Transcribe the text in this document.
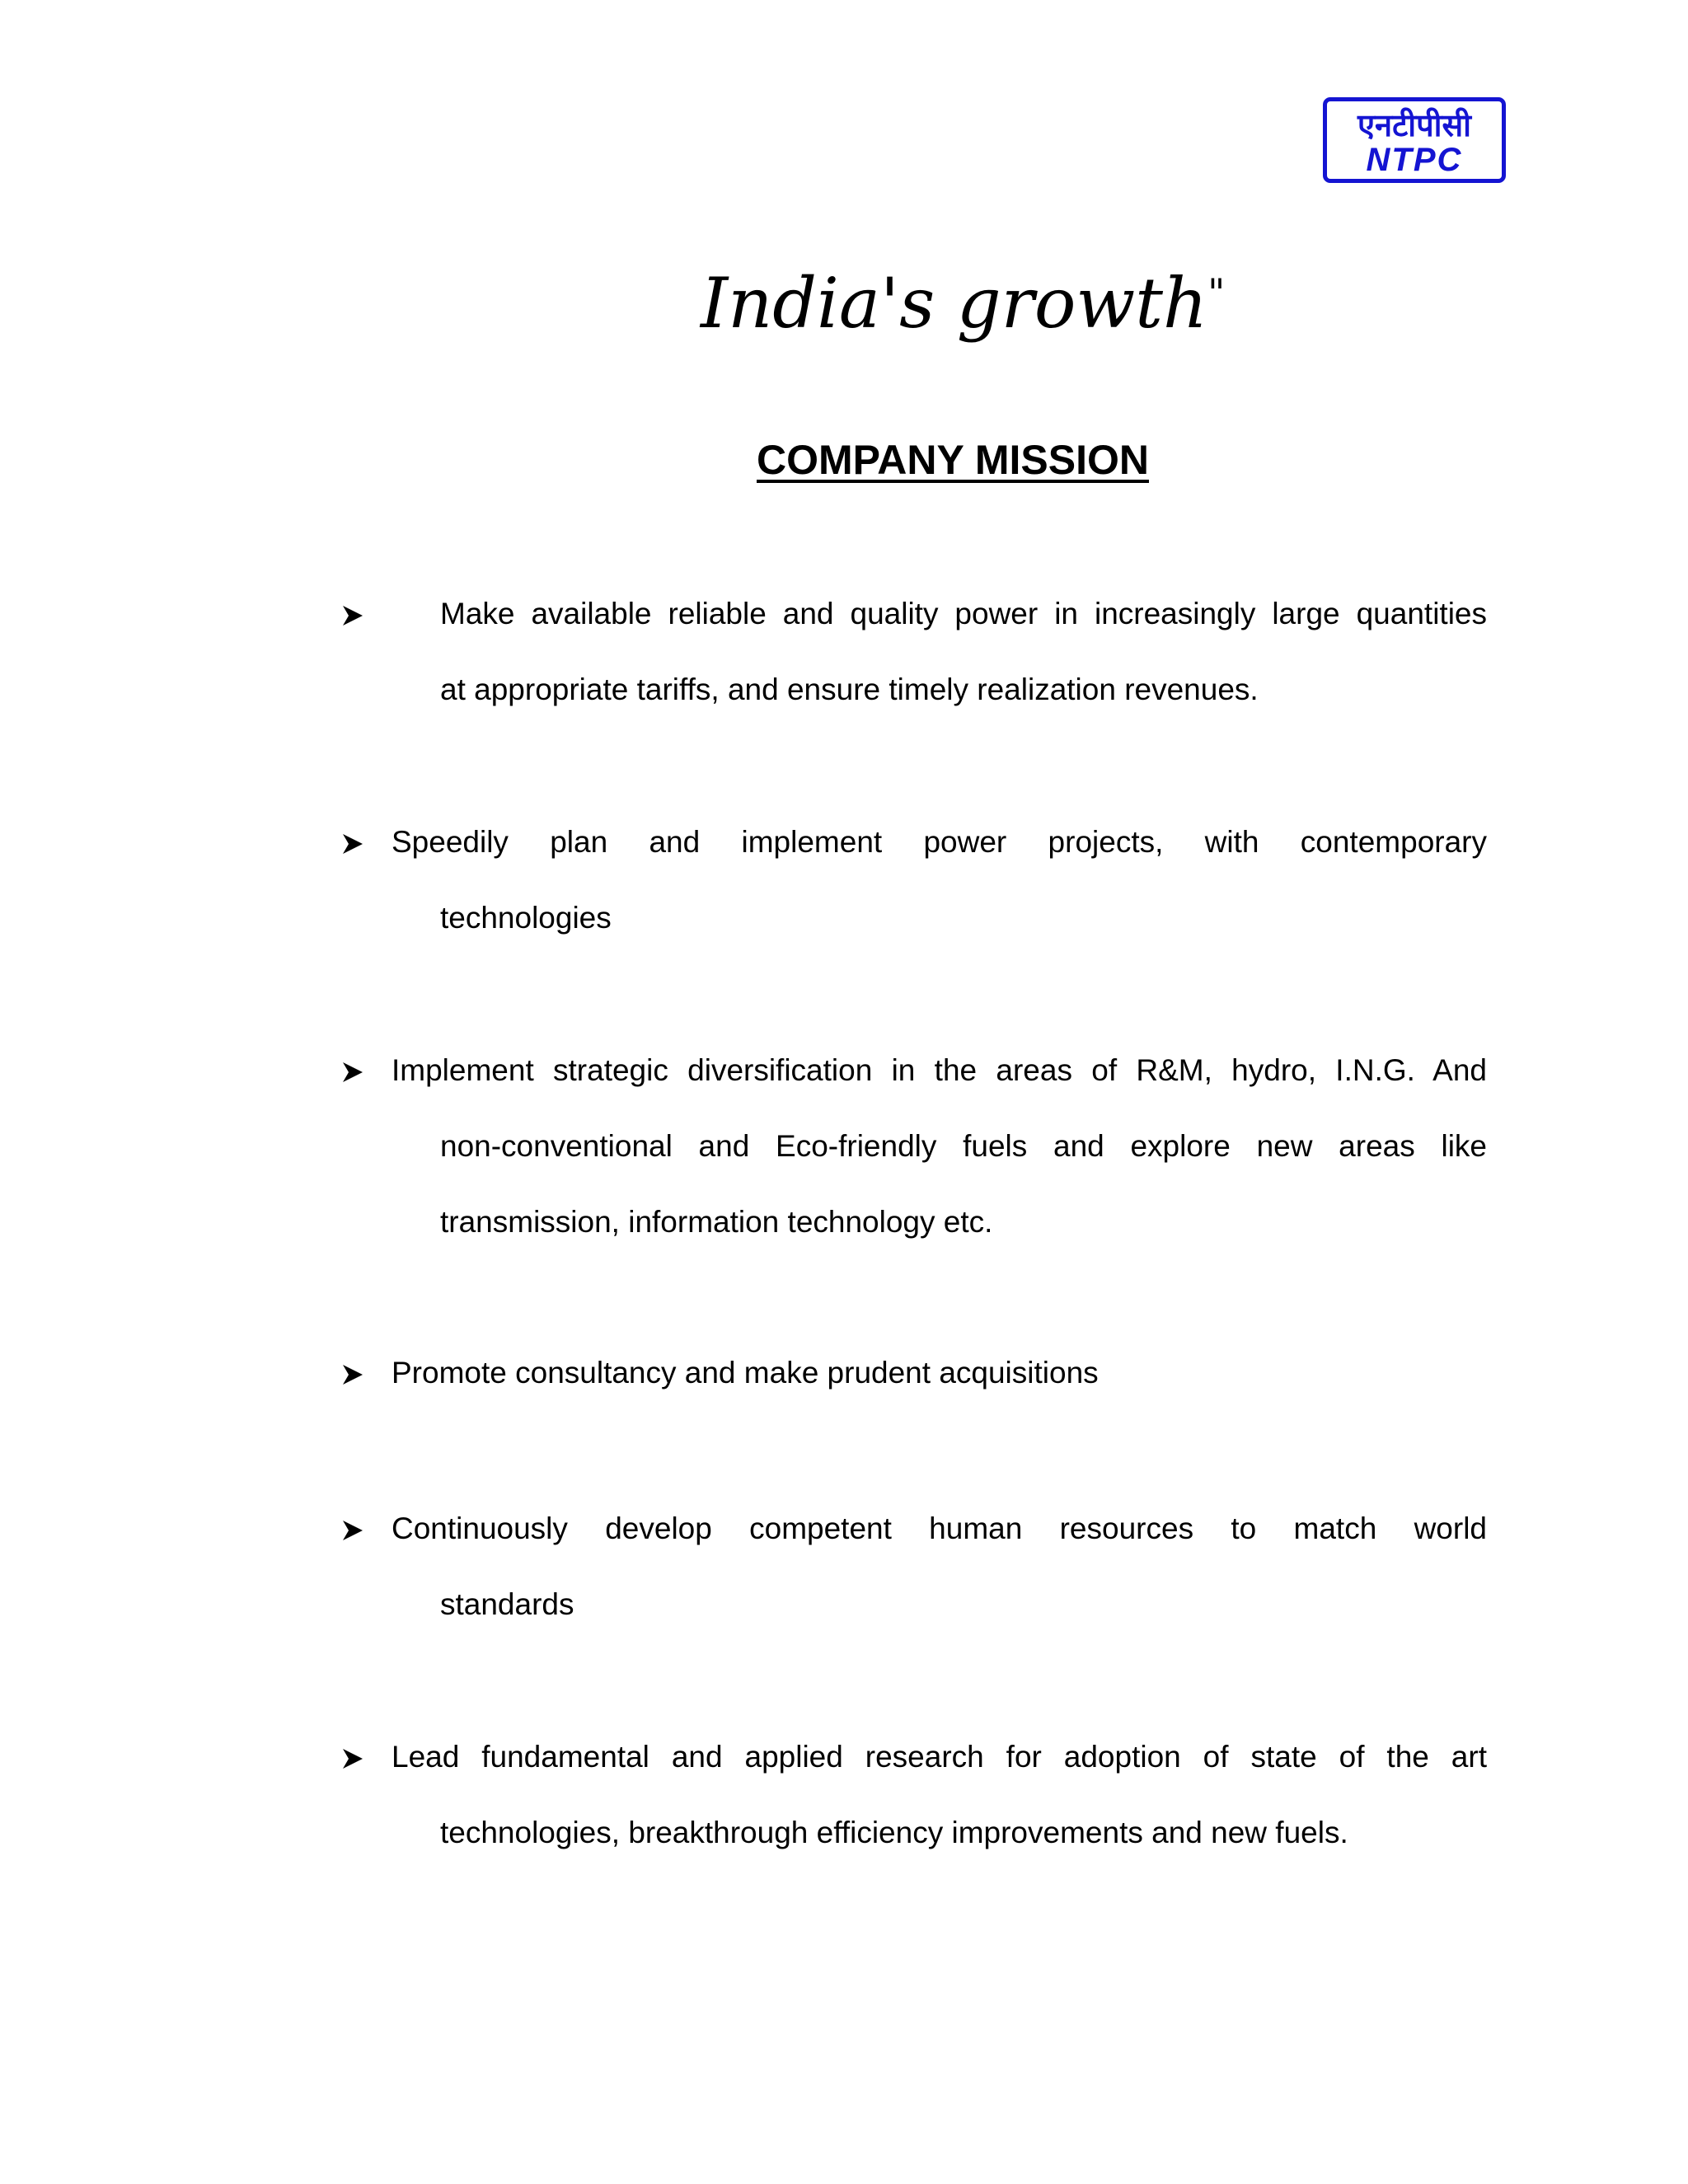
एनटीपीसी
NTPC
India's growth"
COMPANY MISSION
Make available reliable and quality power in increasingly large quantities
at appropriate tariffs, and ensure timely realization revenues.
Speedily plan and implement power projects, with contemporary
technologies
Implement strategic diversification in the areas of R&M, hydro, I.N.G. And
non-conventional and Eco-friendly fuels and explore new areas like
transmission, information technology etc.
Promote consultancy and make prudent acquisitions
Continuously develop competent human resources to match world
standards
Lead fundamental and applied research for adoption of state of the art
technologies, breakthrough efficiency improvements and new fuels.
